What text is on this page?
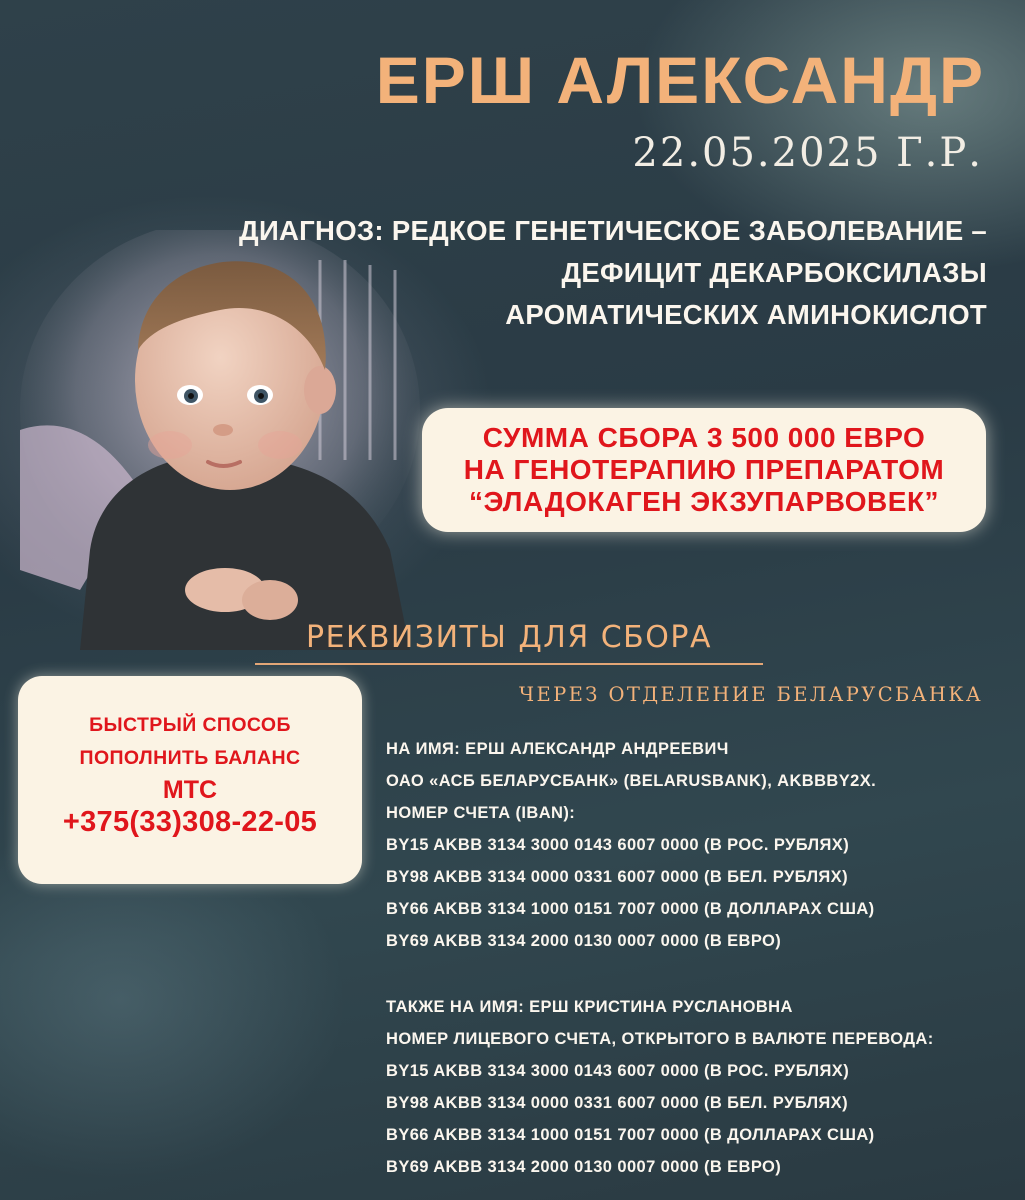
ЕРШ АЛЕКСАНДР
22.05.2025 Г.Р.
ДИАГНОЗ: РЕДКОЕ ГЕНЕТИЧЕСКОЕ ЗАБОЛЕВАНИЕ –
ДЕФИЦИТ ДЕКАРБОКСИЛАЗЫ
АРОМАТИЧЕСКИХ АМИНОКИСЛОТ
СУММА СБОРА 3 500 000 ЕВРО
НА ГЕНОТЕРАПИЮ ПРЕПАРАТОМ
“ЭЛАДОКАГЕН ЭКЗУПАРВОВЕК”
РЕКВИЗИТЫ ДЛЯ СБОРА
ЧЕРЕЗ ОТДЕЛЕНИЕ БЕЛАРУСБАНКА
БЫСТРЫЙ СПОСОБ
ПОПОЛНИТЬ БАЛАНС
МТС
+375(33)308-22-05
НА ИМЯ: ЕРШ АЛЕКСАНДР АНДРЕЕВИЧ
ОАО «АСБ БЕЛАРУСБАНК» (BELARUSBANK), AKBBBY2X.
НОМЕР СЧЕТА (IBAN):
BY15 AKBB 3134 3000 0143 6007 0000 (В РОС. РУБЛЯХ)
BY98 AKBB 3134 0000 0331 6007 0000 (В БЕЛ. РУБЛЯХ)
BY66 AKBB 3134 1000 0151 7007 0000 (В ДОЛЛАРАХ США)
BY69 AKBB 3134 2000 0130 0007 0000 (В ЕВРО)
ТАКЖЕ НА ИМЯ: ЕРШ КРИСТИНА РУСЛАНОВНА
НОМЕР ЛИЦЕВОГО СЧЕТА, ОТКРЫТОГО В ВАЛЮТЕ ПЕРЕВОДА:
BY15 AKBB 3134 3000 0143 6007 0000 (В РОС. РУБЛЯХ)
BY98 AKBB 3134 0000 0331 6007 0000 (В БЕЛ. РУБЛЯХ)
BY66 AKBB 3134 1000 0151 7007 0000 (В ДОЛЛАРАХ США)
BY69 AKBB 3134 2000 0130 0007 0000 (В ЕВРО)
